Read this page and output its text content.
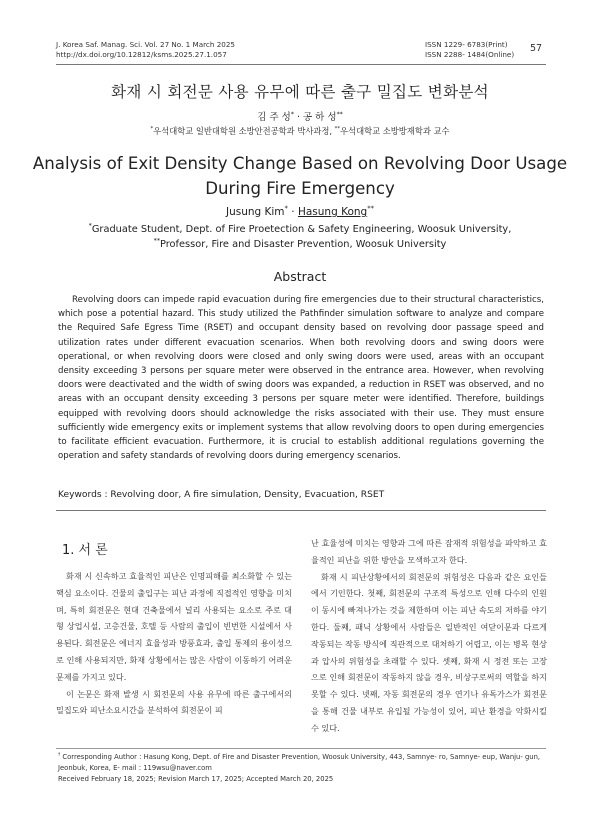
J. Korea Saf. Manag. Sci. Vol. 27 No. 1 March 2025
http://dx.doi.org/10.12812/ksms.2025.27.1.057
ISSN 1229- 6783(Print)
ISSN 2288- 1484(Online)
57
화재 시 회전문 사용 유무에 따른 출구 밀집도 변화분석
김 주 성* · 공 하 성**
*우석대학교 일반대학원 소방안전공학과 박사과정, **우석대학교 소방방재학과 교수
Analysis of Exit Density Change Based on Revolving Door Usage
During Fire Emergency
Jusung Kim* · Hasung Kong**
*Graduate Student, Dept. of Fire Proetection & Safety Engineering, Woosuk University,
**Professor, Fire and Disaster Prevention, Woosuk University
Abstract
Revolving doors can impede rapid evacuation during fire emergencies due to their structural characteristics, which pose a potential hazard. This study utilized the Pathfinder simulation software to analyze and compare the Required Safe Egress Time (RSET) and occupant density based on revolving door passage speed and utilization rates under different evacuation scenarios. When both revolving doors and swing doors were operational, or when revolving doors were closed and only swing doors were used, areas with an occupant density exceeding 3 persons per square meter were observed in the entrance area. However, when revolving doors were deactivated and the width of swing doors was expanded, a reduction in RSET was observed, and no areas with an occupant density exceeding 3 persons per square meter were identified. Therefore, buildings equipped with revolving doors should acknowledge the risks associated with their use. They must ensure sufficiently wide emergency exits or implement systems that allow revolving doors to open during emergencies to facilitate efficient evacuation. Furthermore, it is crucial to establish additional regulations governing the operation and safety standards of revolving doors during emergency scenarios.
Keywords : Revolving door, A fire simulation, Density, Evacuation, RSET
1. 서 론

화재 시 신속하고 효율적인 피난은 인명피해를 최소화할 수 있는 핵심 요소이다. 건물의 출입구는 피난 과정에 직접적인 영향을 미치며, 특히 회전문은 현대 건축물에서 널리 사용되는 요소로 주로 대형 상업시설, 고층건물, 호텔 등 사람의 출입이 빈번한 시설에서 사용된다. 회전문은 에너지 효율성과 방풍효과, 출입 통제의 용이성으로 인해 사용되지만, 화재 상황에서는 많은 사람이 이동하기 어려운 문제를 가지고 있다.

이 논문은 화재 발생 시 회전문의 사용 유무에 따른 출구에서의 밀집도와 피난소요시간을 분석하여 회전문이 피

난 효율성에 미치는 영향과 그에 따른 잠재적 위험성을 파악하고 효율적인 피난을 위한 방안을 모색하고자 한다.

화재 시 피난상황에서의 회전문의 위험성은 다음과 같은 요인들에서 기인한다. 첫째, 회전문의 구조적 특성으로 인해 다수의 인원이 동시에 빠져나가는 것을 제한하며 이는 피난 속도의 저하를 야기한다. 둘째, 패닉 상황에서 사람들은 일반적인 여닫이문과 다르게 작동되는 작동 방식에 직관적으로 대처하기 어렵고, 이는 병목 현상과 압사의 위험성을 초래할 수 있다. 셋째, 화재 시 정전 또는 고장으로 인해 회전문이 작동하지 않을 경우, 비상구로써의 역할을 하지 못할 수 있다. 넷째, 자동 회전문의 경우 연기나 유독가스가 회전문을 통해 건물 내부로 유입될 가능성이 있어, 피난 환경을 악화시킬 수 있다.

† Corresponding Author : Hasung Kong, Dept. of Fire and Disaster Prevention, Woosuk University, 443, Samnye- ro, Samnye- eup, Wanju- gun,
Jeonbuk, Korea, E- mail : 119wsu@naver.com
Received February 18, 2025; Revision March 17, 2025; Accepted March 20, 2025
